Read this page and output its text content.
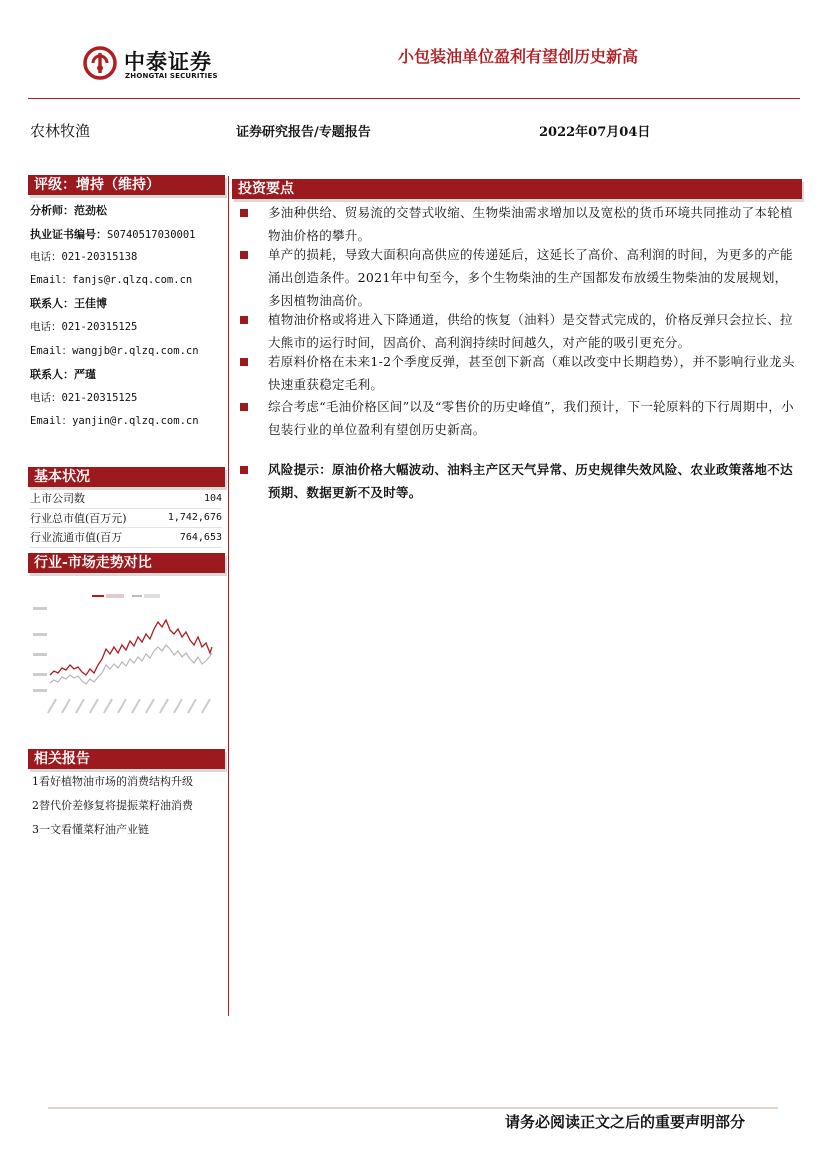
中泰证券
ZHONGTAI SECURITIES
小包装油单位盈利有望创历史新高
农林牧渔	证券研究报告/专题报告	2022年07月04日
评级：增持（维持）
分析师：范劲松
执业证书编号：S0740517030001
电话：021-20315138
Email：fanjs@r.qlzq.com.cn
联系人：王佳博
电话：021-20315125
Email：wangjb@r.qlzq.com.cn
联系人：严瑾
电话：021-20315125
Email：yanjin@r.qlzq.com.cn
基本状况
上市公司数	104
行业总市值(百万元)	1,742,676
行业流通市值(百万	764,653
行业-市场走势对比
相关报告
1看好植物油市场的消费结构升级
2替代价差修复将提振菜籽油消费
3一文看懂菜籽油产业链
投资要点
多油种供给、贸易流的交替式收缩、生物柴油需求增加以及宽松的货币环境共同推动了本轮植物油价格的攀升。
单产的损耗，导致大面积向高供应的传递延后，这延长了高价、高利润的时间，为更多的产能涌出创造条件。2021年中旬至今，多个生物柴油的生产国都发布放缓生物柴油的发展规划，多因植物油高价。
植物油价格或将进入下降通道，供给的恢复（油料）是交替式完成的，价格反弹只会拉长、拉大熊市的运行时间，因高价、高利润持续时间越久，对产能的吸引更充分。
若原料价格在未来1-2个季度反弹，甚至创下新高（难以改变中长期趋势），并不影响行业龙头快速重获稳定毛利。
综合考虑“毛油价格区间”以及“零售价的历史峰值”，我们预计，下一轮原料的下行周期中，小包装行业的单位盈利有望创历史新高。
风险提示：原油价格大幅波动、油料主产区天气异常、历史规律失效风险、农业政策落地不达预期、数据更新不及时等。
请务必阅读正文之后的重要声明部分
